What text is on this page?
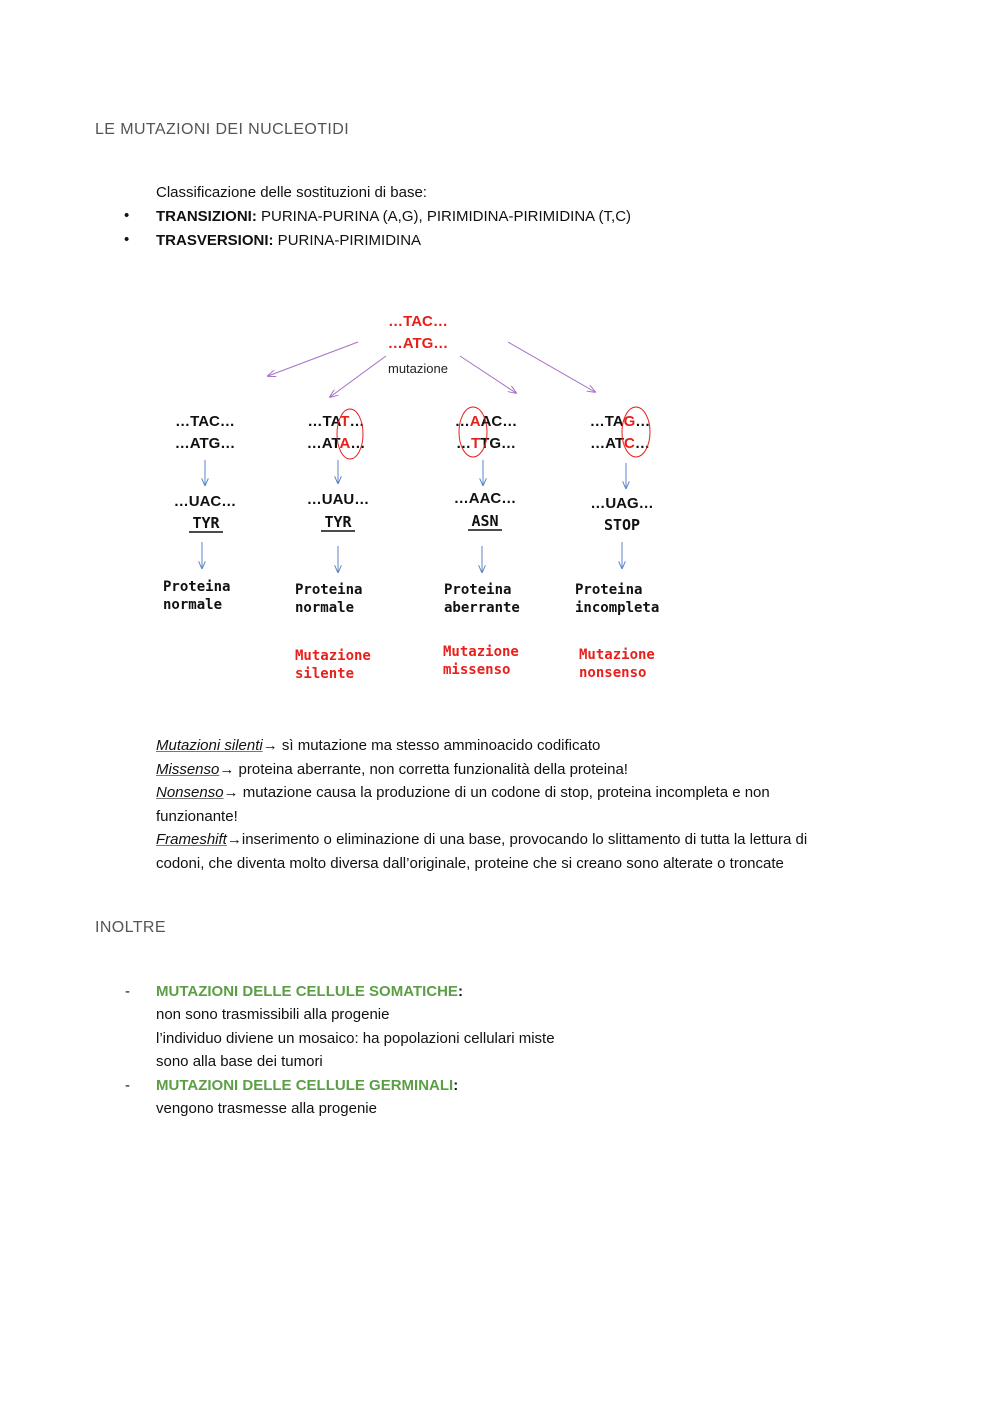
LE MUTAZIONI DEI NUCLEOTIDI
Classificazione delle sostituzioni di base:
• TRANSIZIONI: PURINA-PURINA (A,G), PIRIMIDINA-PIRIMIDINA (T,C)
• TRASVERSIONI: PURINA-PIRIMIDINA
…TAC…
…ATG…
mutazione
…TAC…
…ATG…
…UAC…
…TAT…
…ATA…
…UAU…
…AAC…
…TTG…
…AAC…
…TAG…
…ATC…
…UAG…
TYR	TYR	ASN	STOP
Proteina
normale
Proteina
normale
Proteina
aberrante
Proteina
incompleta
Mutazione
silente
Mutazione
missenso
Mutazione
nonsenso
Mutazioni silenti→ sì mutazione ma stesso amminoacido codificato
Missenso→ proteina aberrante, non corretta funzionalità della proteina!
Nonsenso→ mutazione causa la produzione di un codone di stop, proteina incompleta e non
funzionante!
Frameshift→inserimento o eliminazione di una base, provocando lo slittamento di tutta la lettura di
codoni, che diventa molto diversa dall’originale, proteine che si creano sono alterate o troncate
INOLTRE
- MUTAZIONI DELLE CELLULE SOMATICHE:
non sono trasmissibili alla progenie
l’individuo diviene un mosaico: ha popolazioni cellulari miste
sono alla base dei tumori
- MUTAZIONI DELLE CELLULE GERMINALI:
vengono trasmesse alla progenie
